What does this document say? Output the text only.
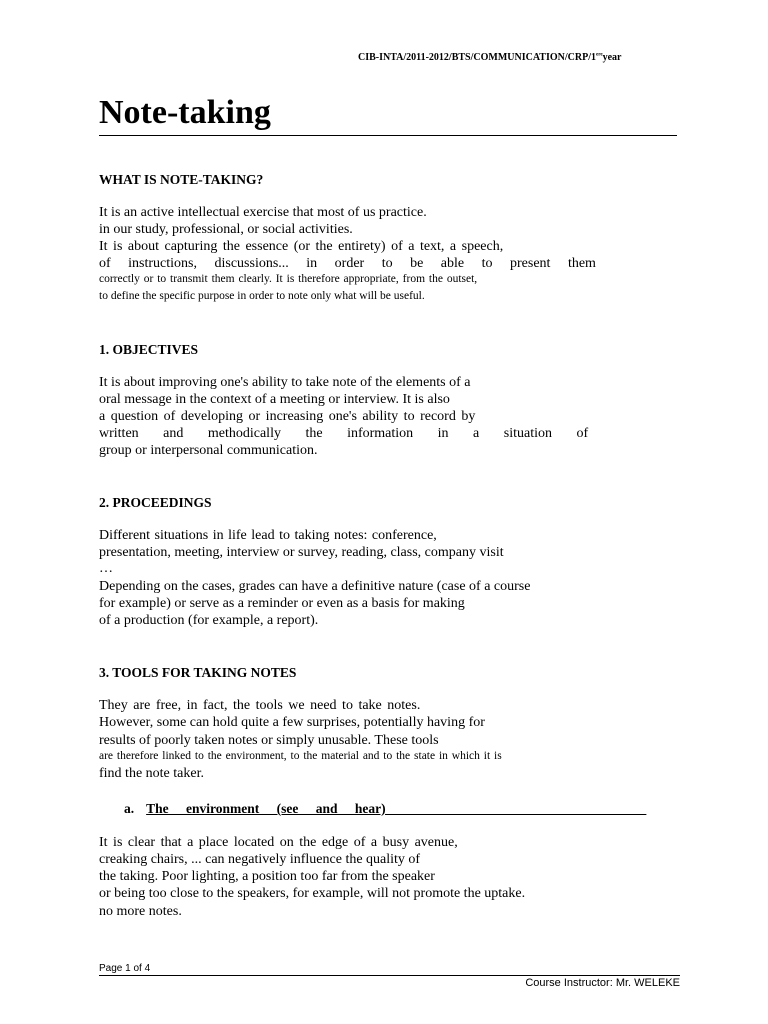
CIB-INTA/2011-2012/BTS/COMMUNICATION/CRP/1ereyear
Note-taking
WHAT IS NOTE-TAKING?
It is an active intellectual exercise that most of us practice.
in our study, professional, or social activities.
It is about capturing the essence (or the entirety) of a text, a speech,
of instructions, discussions... in order to be able to present them
correctly or to transmit them clearly. It is therefore appropriate, from the outset,
to define the specific purpose in order to note only what will be useful.
1. OBJECTIVES
It is about improving one's ability to take note of the elements of a
oral message in the context of a meeting or interview. It is also
a question of developing or increasing one's ability to record by
written and methodically the information in a situation of
group or interpersonal communication.
2. PROCEEDINGS
Different situations in life lead to taking notes: conference,
presentation, meeting, interview or survey, reading, class, company visit
…
Depending on the cases, grades can have a definitive nature (case of a course
for example) or serve as a reminder or even as a basis for making
of a production (for example, a report).
3. TOOLS FOR TAKING NOTES
They are free, in fact, the tools we need to take notes.
However, some can hold quite a few surprises, potentially having for
results of poorly taken notes or simply unusable. These tools
are therefore linked to the environment, to the material and to the state in which it is
find the note taker.
a. The environment (see and hear)
It is clear that a place located on the edge of a busy avenue,
creaking chairs, ... can negatively influence the quality of
the taking. Poor lighting, a position too far from the speaker
or being too close to the speakers, for example, will not promote the uptake.
no more notes.
Page 1 of 4
Course Instructor: Mr. WELEKE
